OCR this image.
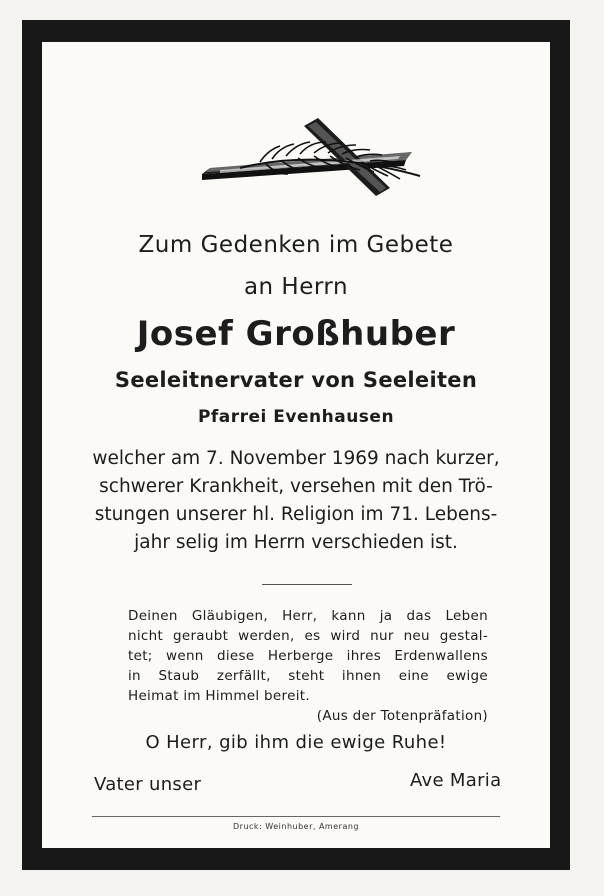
Zum Gedenken im Gebete
an Herrn
Josef Großhuber
Seeleitnervater von Seeleiten
Pfarrei Evenhausen
welcher am 7. November 1969 nach kurzer,
schwerer Krankheit, versehen mit den Trö-
stungen unserer hl. Religion im 71. Lebens-
jahr selig im Herrn verschieden ist.
Deinen Gläubigen, Herr, kann ja das Leben
nicht geraubt werden, es wird nur neu gestal-
tet; wenn diese Herberge ihres Erdenwallens
in Staub zerfällt, steht ihnen eine ewige
Heimat im Himmel bereit.
(Aus der Totenpräfation)
O Herr, gib ihm die ewige Ruhe!
Vater unser	Ave Maria
Druck: Weinhuber, Amerang
